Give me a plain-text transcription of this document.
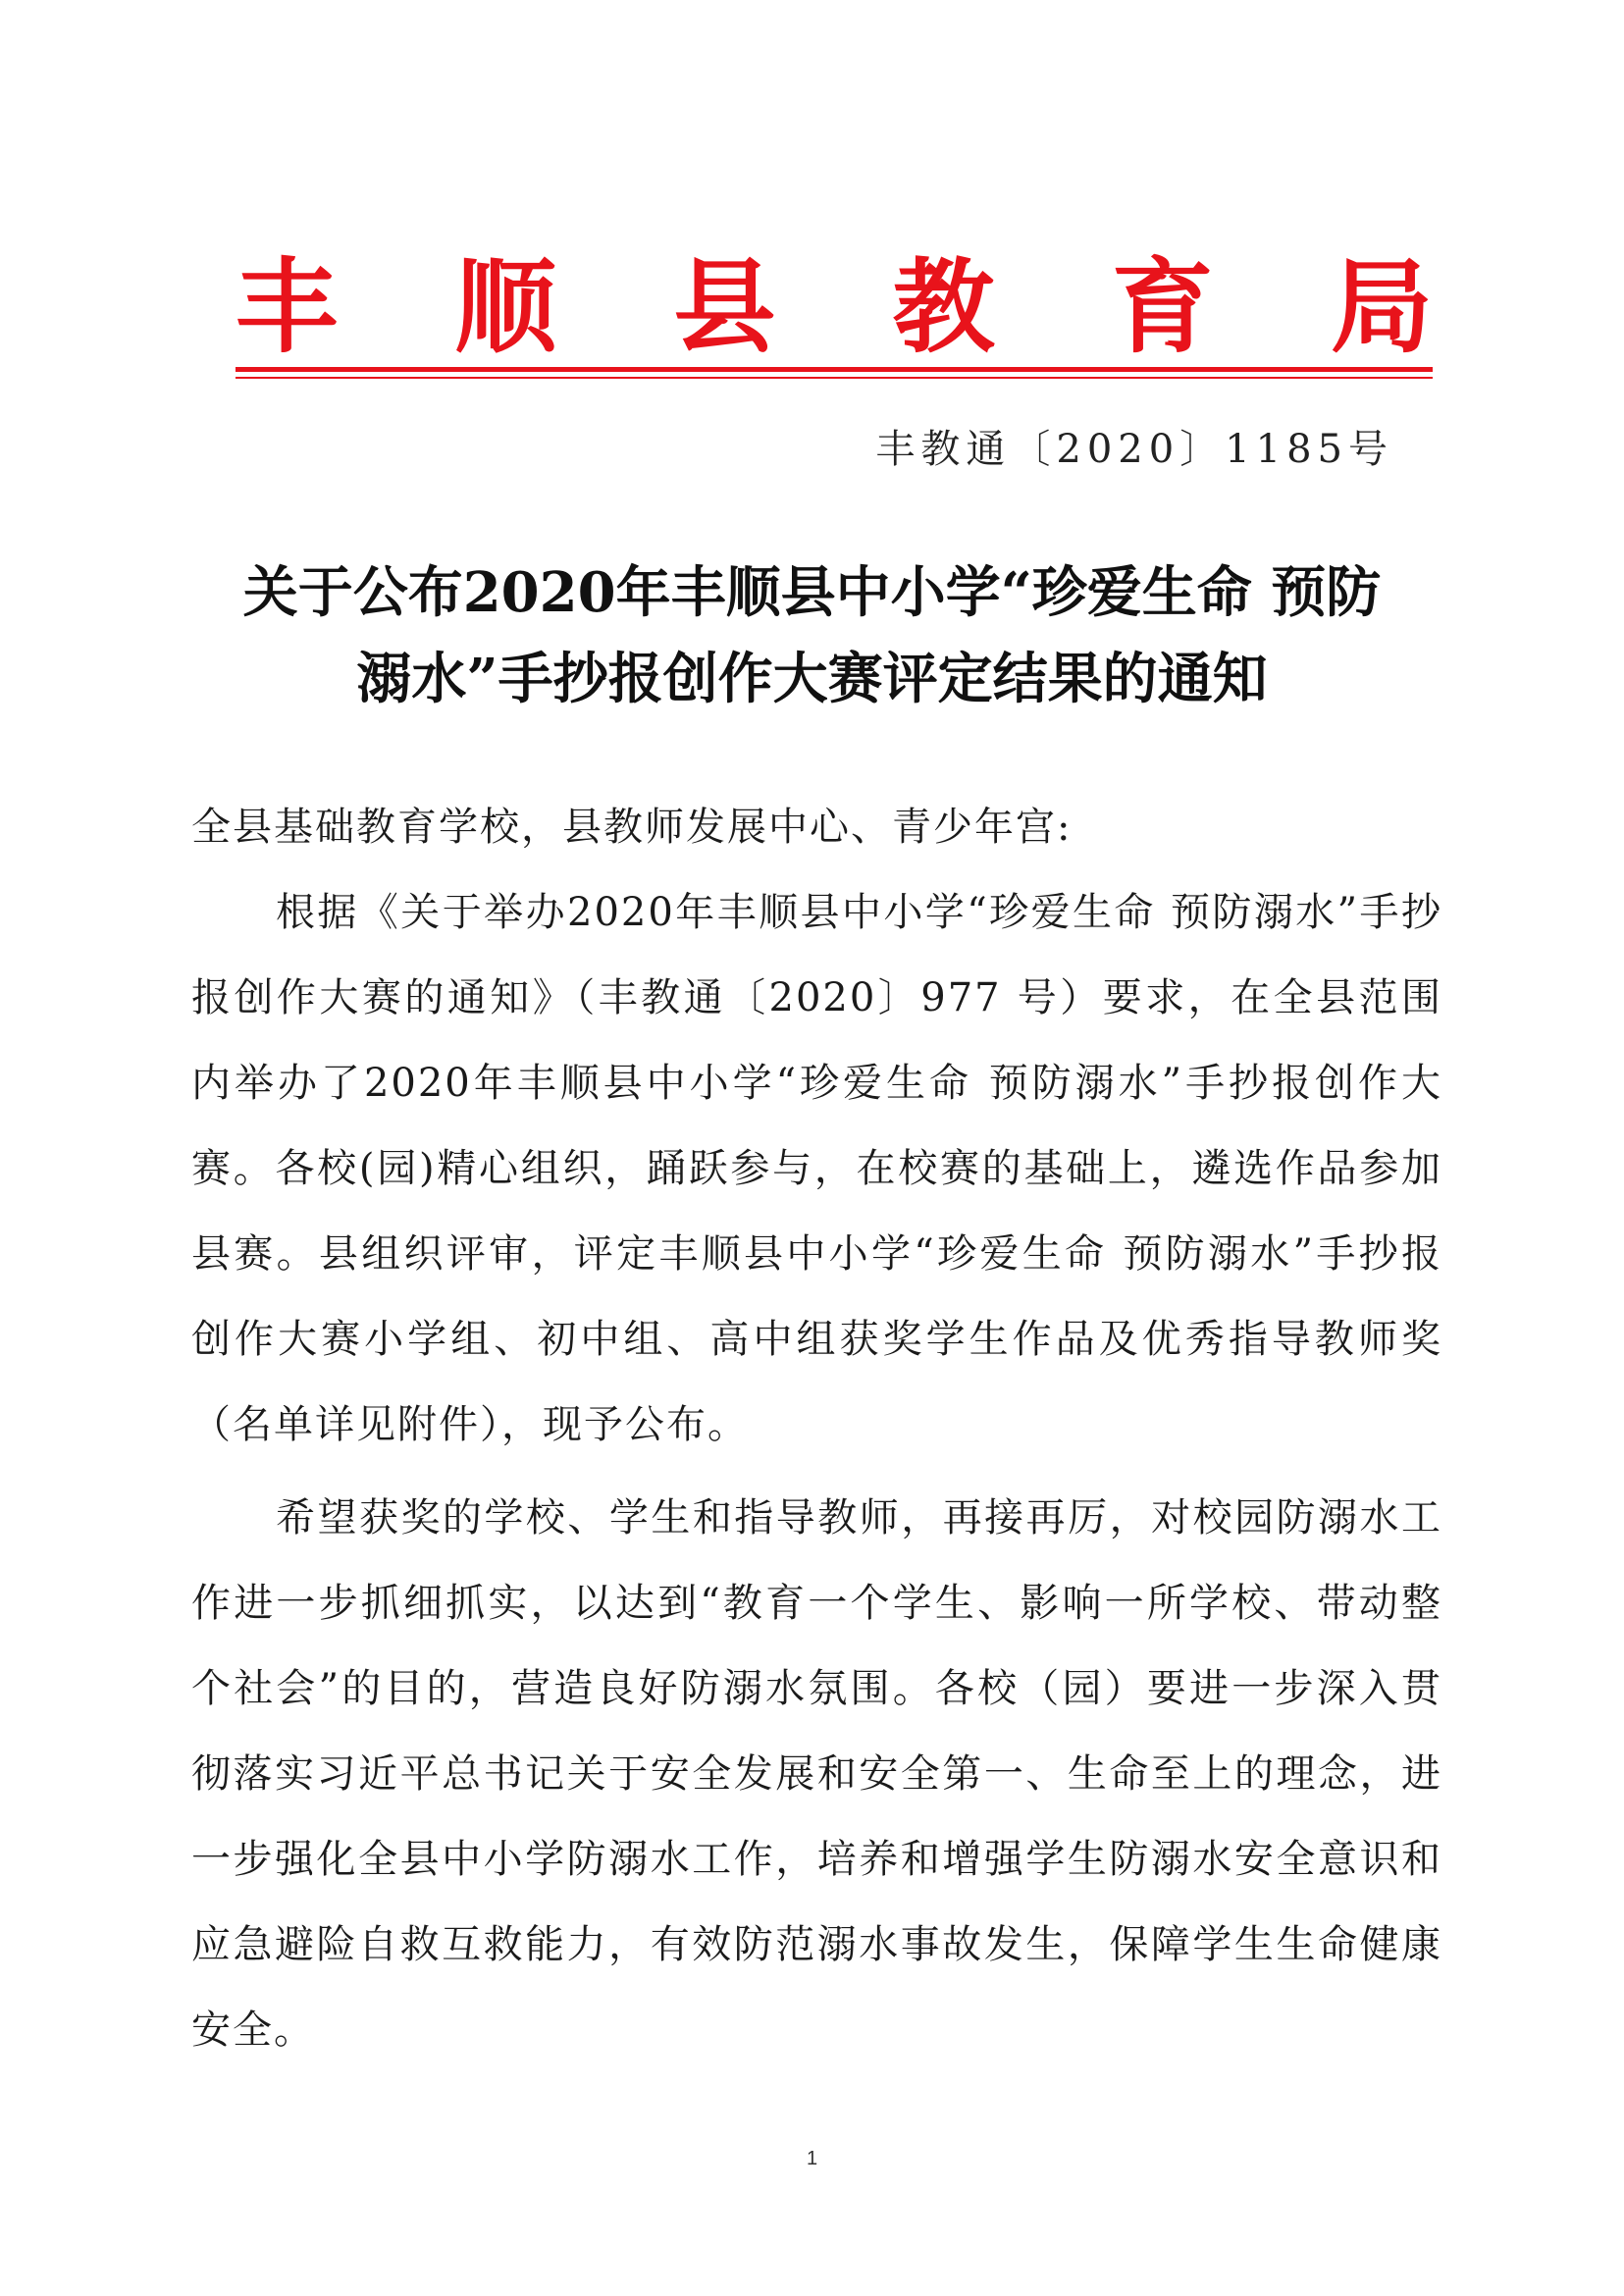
丰 顺 县 教 育 局
丰教通〔2020〕1185号
关于公布2020年丰顺县中小学“珍爱生命 预防
溺水”手抄报创作大赛评定结果的通知

全县基础教育学校，县教师发展中心、青少年宫:

根据《关于举办2020年丰顺县中小学“珍爱生命 预防溺水”手抄报创作大赛的通知》（丰教通〔2020〕977 号）要求，在全县范围内举办了2020年丰顺县中小学“珍爱生命 预防溺水”手抄报创作大赛。各校(园)精心组织，踊跃参与，在校赛的基础上，遴选作品参加县赛。县组织评审，评定丰顺县中小学“珍爱生命 预防溺水”手抄报创作大赛小学组、初中组、高中组获奖学生作品及优秀指导教师奖（名单详见附件），现予公布。

希望获奖的学校、学生和指导教师，再接再厉，对校园防溺水工作进一步抓细抓实，以达到“教育一个学生、影响一所学校、带动整个社会”的目的，营造良好防溺水氛围。各校（园）要进一步深入贯彻落实习近平总书记关于安全发展和安全第一、生命至上的理念，进一步强化全县中小学防溺水工作，培养和增强学生防溺水安全意识和应急避险自救互救能力，有效防范溺水事故发生，保障学生生命健康安全。

1
